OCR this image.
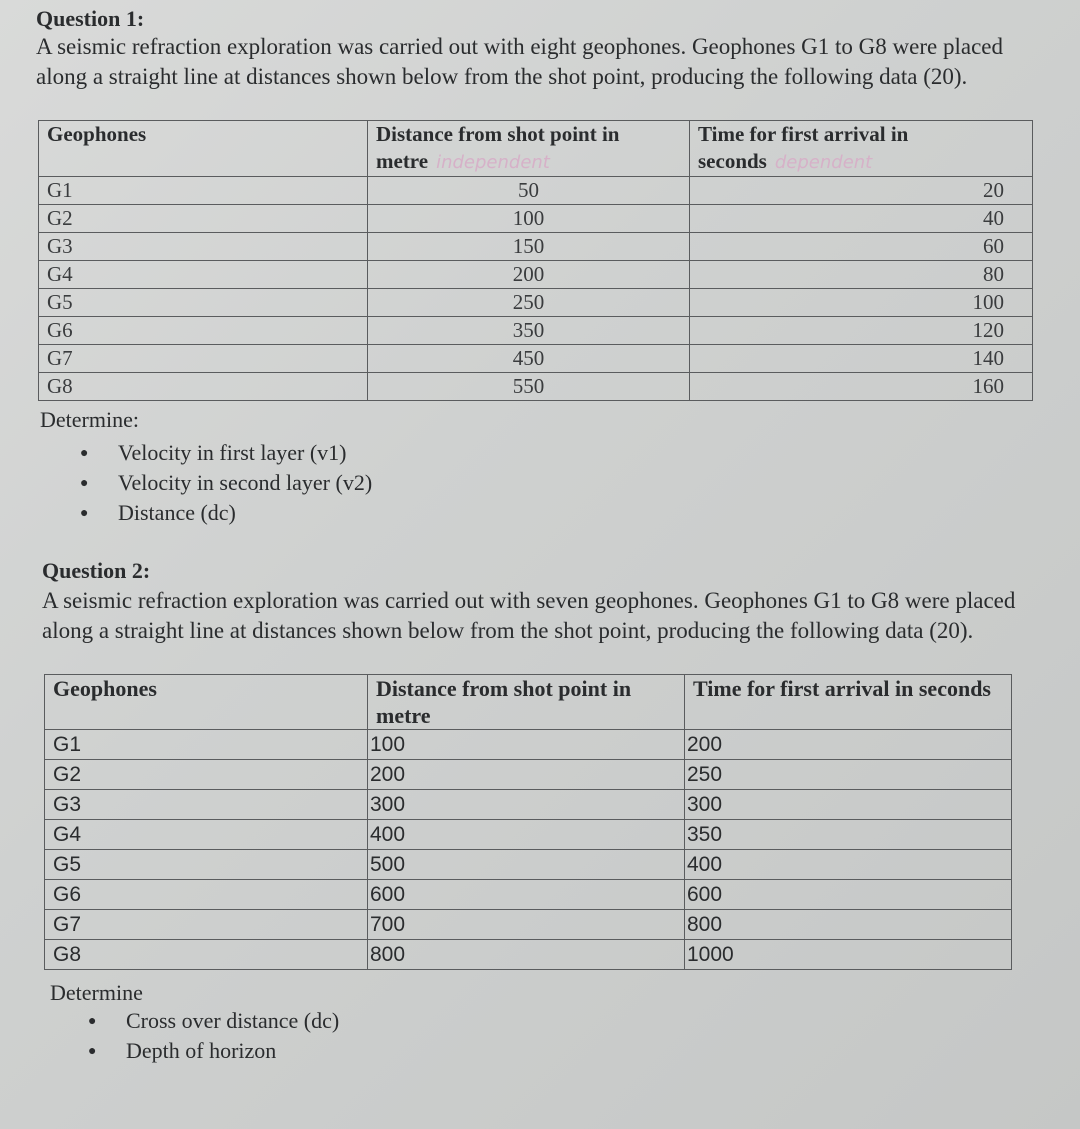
Question 1:
A seismic refraction exploration was carried out with eight geophones. Geophones G1 to G8 were placed along a straight line at distances shown below from the shot point, producing the following data (20).
Geophones	Distance from shot point in metre independent	Time for first arrival in seconds dependent
G1	50	20
G2	100	40
G3	150	60
G4	200	80
G5	250	100
G6	350	120
G7	450	140
G8	550	160
Determine:
● Velocity in first layer (v1)
● Velocity in second layer (v2)
● Distance (dc)
Question 2:
A seismic refraction exploration was carried out with seven geophones. Geophones G1 to G8 were placed along a straight line at distances shown below from the shot point, producing the following data (20).
Geophones	Distance from shot point in metre	Time for first arrival in seconds
G1	100	200
G2	200	250
G3	300	300
G4	400	350
G5	500	400
G6	600	600
G7	700	800
G8	800	1000
Determine
● Cross over distance (dc)
● Depth of horizon
